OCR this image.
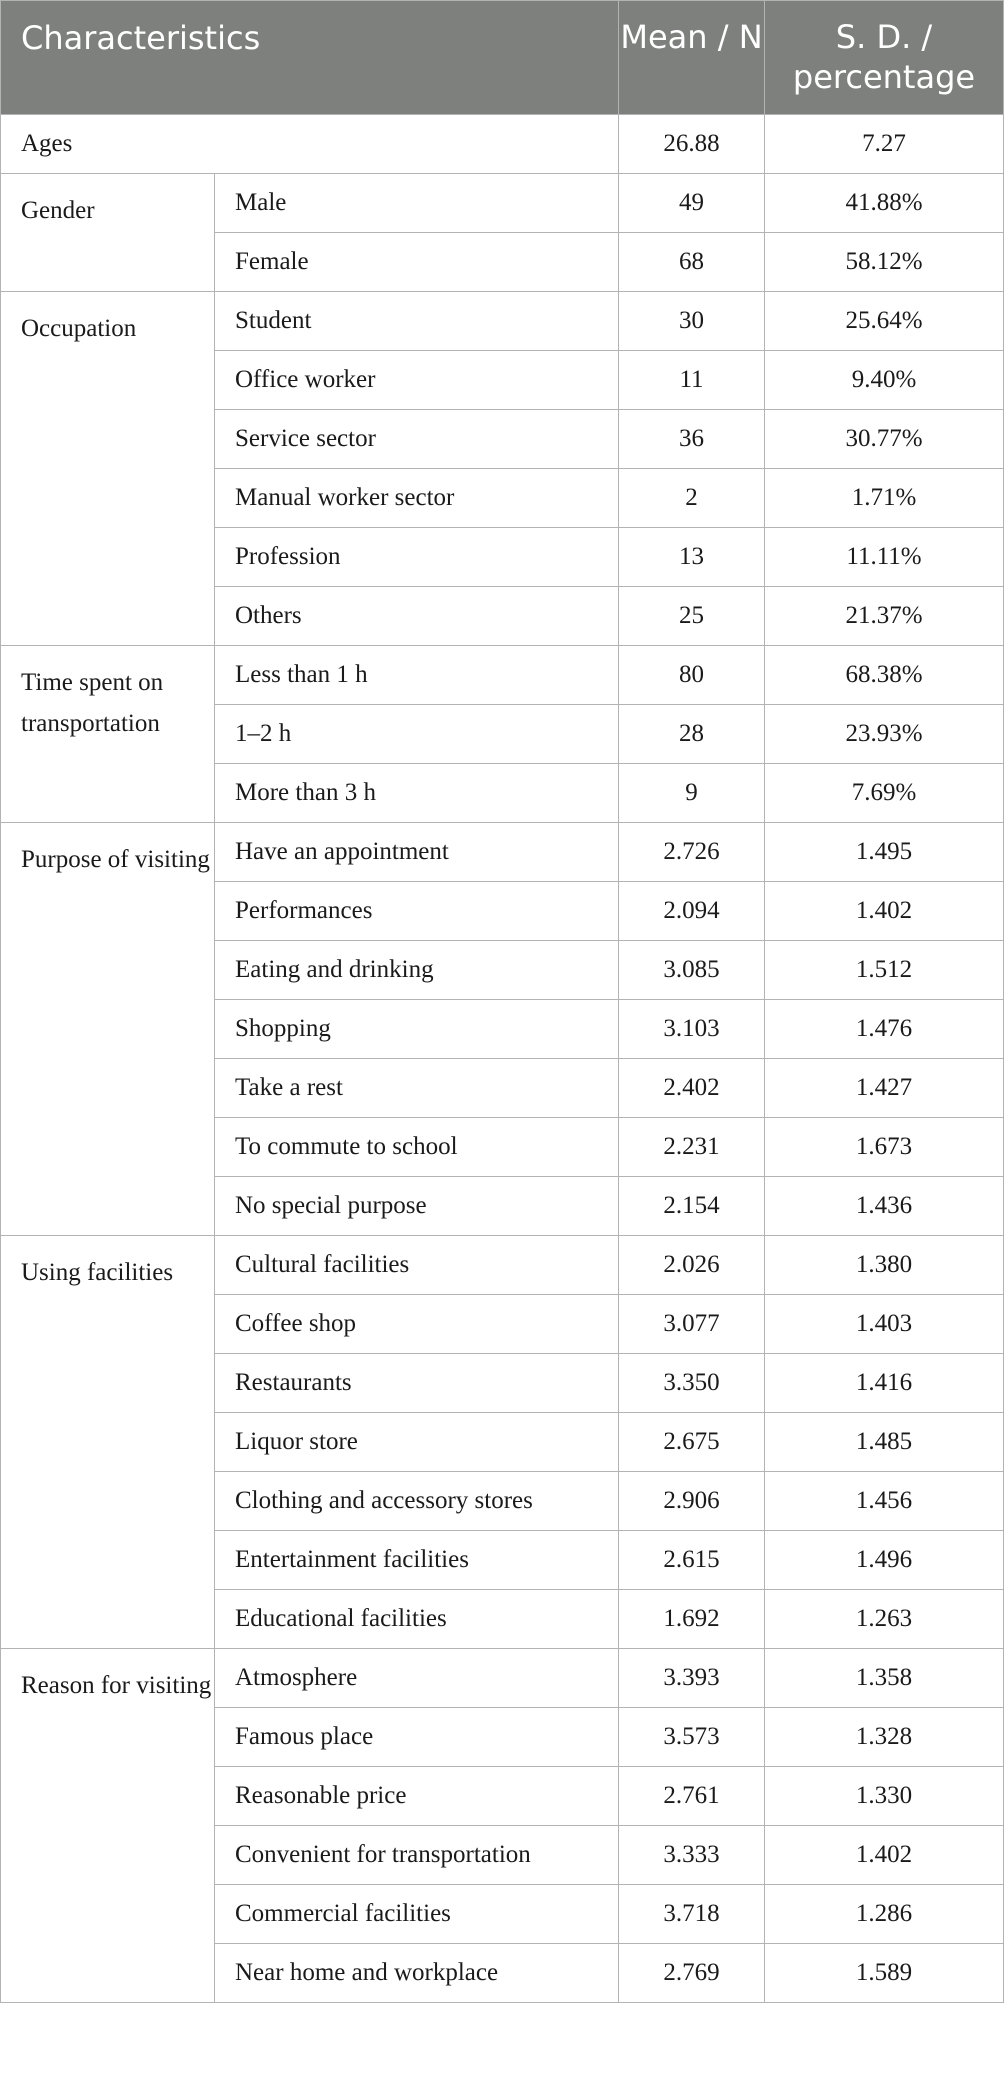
Characteristics		Mean / N	S. D. / percentage
Ages		26.88	7.27
Gender	Male	49	41.88%
	Female	68	58.12%
Occupation	Student	30	25.64%
	Office worker	11	9.40%
	Service sector	36	30.77%
	Manual worker sector	2	1.71%
	Profession	13	11.11%
	Others	25	21.37%
Time spent on transportation	Less than 1 h	80	68.38%
	1–2 h	28	23.93%
	More than 3 h	9	7.69%
Purpose of visiting	Have an appointment	2.726	1.495
	Performances	2.094	1.402
	Eating and drinking	3.085	1.512
	Shopping	3.103	1.476
	Take a rest	2.402	1.427
	To commute to school	2.231	1.673
	No special purpose	2.154	1.436
Using facilities	Cultural facilities	2.026	1.380
	Coffee shop	3.077	1.403
	Restaurants	3.350	1.416
	Liquor store	2.675	1.485
	Clothing and accessory stores	2.906	1.456
	Entertainment facilities	2.615	1.496
	Educational facilities	1.692	1.263
Reason for visiting	Atmosphere	3.393	1.358
	Famous place	3.573	1.328
	Reasonable price	2.761	1.330
	Convenient for transportation	3.333	1.402
	Commercial facilities	3.718	1.286
	Near home and workplace	2.769	1.589
